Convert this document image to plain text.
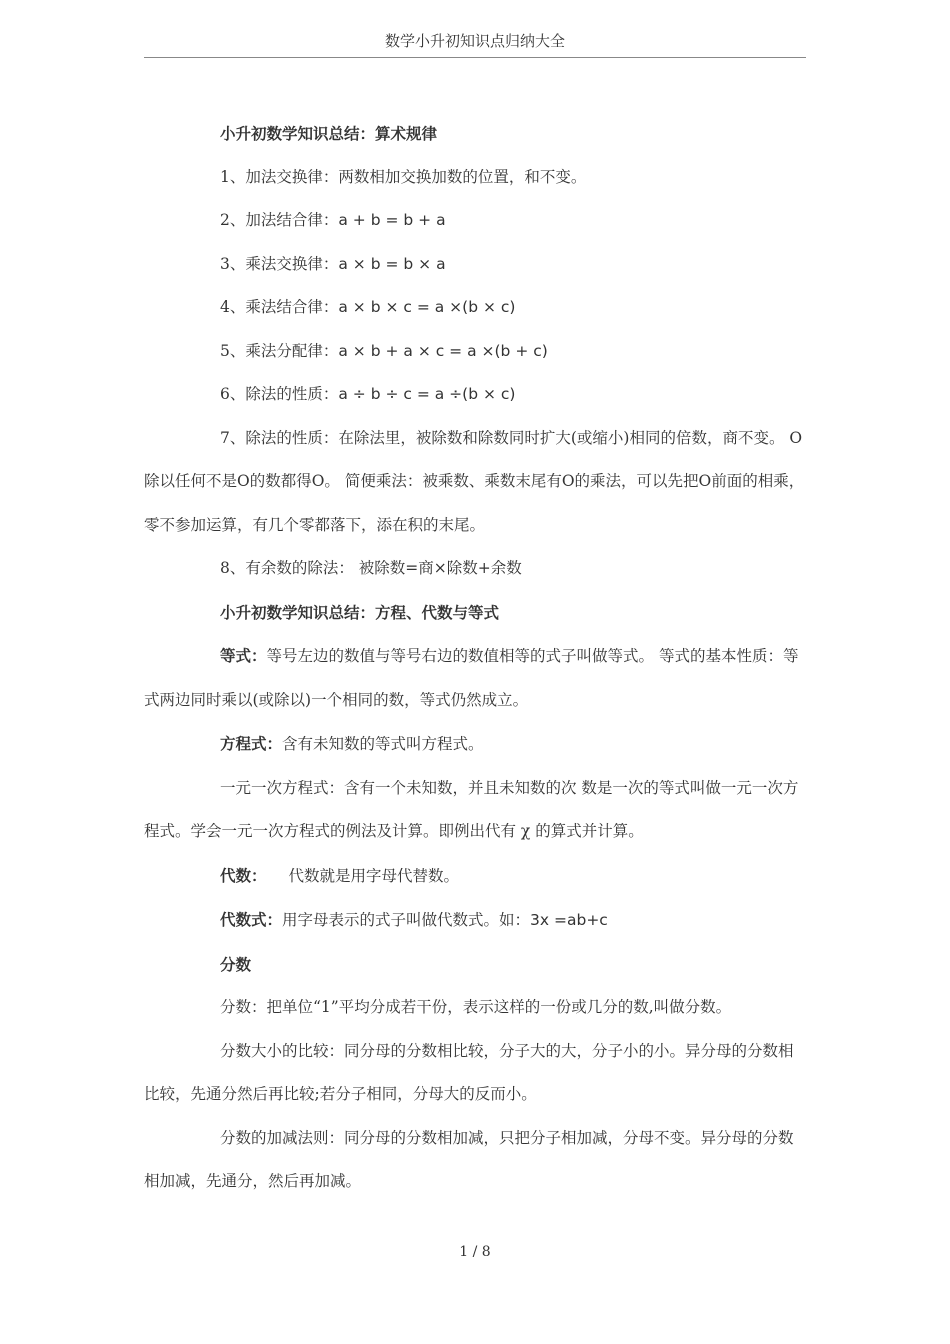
数学小升初知识点归纳大全

小升初数学知识总结：算术规律

1、加法交换律：两数相加交换加数的位置，和不变。

2、加法结合律：a + b = b + a

3、乘法交换律：a × b = b × a

4、乘法结合律：a × b × c = a ×(b × c)

5、乘法分配律：a × b + a × c = a ×(b + c)

6、除法的性质：a ÷ b ÷ c = a ÷(b × c)

7、除法的性质：在除法里，被除数和除数同时扩大(或缩小)相同的倍数，商不变。 O除以任何不是O的数都得O。 简便乘法：被乘数、乘数末尾有O的乘法，可以先把O前面的相乘，零不参加运算，有几个零都落下，添在积的末尾。

8、有余数的除法： 被除数=商×除数+余数

小升初数学知识总结：方程、代数与等式

等式：等号左边的数值与等号右边的数值相等的式子叫做等式。 等式的基本性质：等式两边同时乘以(或除以)一个相同的数，等式仍然成立。

方程式：含有未知数的等式叫方程式。

一元一次方程式：含有一个未知数，并且未知数的次 数是一次的等式叫做一元一次方程式。学会一元一次方程式的例法及计算。即例出代有 χ 的算式并计算。

代数： 代数就是用字母代替数。

代数式：用字母表示的式子叫做代数式。如：3x =ab+c

分数

分数：把单位“1”平均分成若干份，表示这样的一份或几分的数,叫做分数。

分数大小的比较：同分母的分数相比较，分子大的大，分子小的小。异分母的分数相比较，先通分然后再比较;若分子相同，分母大的反而小。

分数的加减法则：同分母的分数相加减，只把分子相加减，分母不变。异分母的分数相加减，先通分，然后再加减。

1 / 8
